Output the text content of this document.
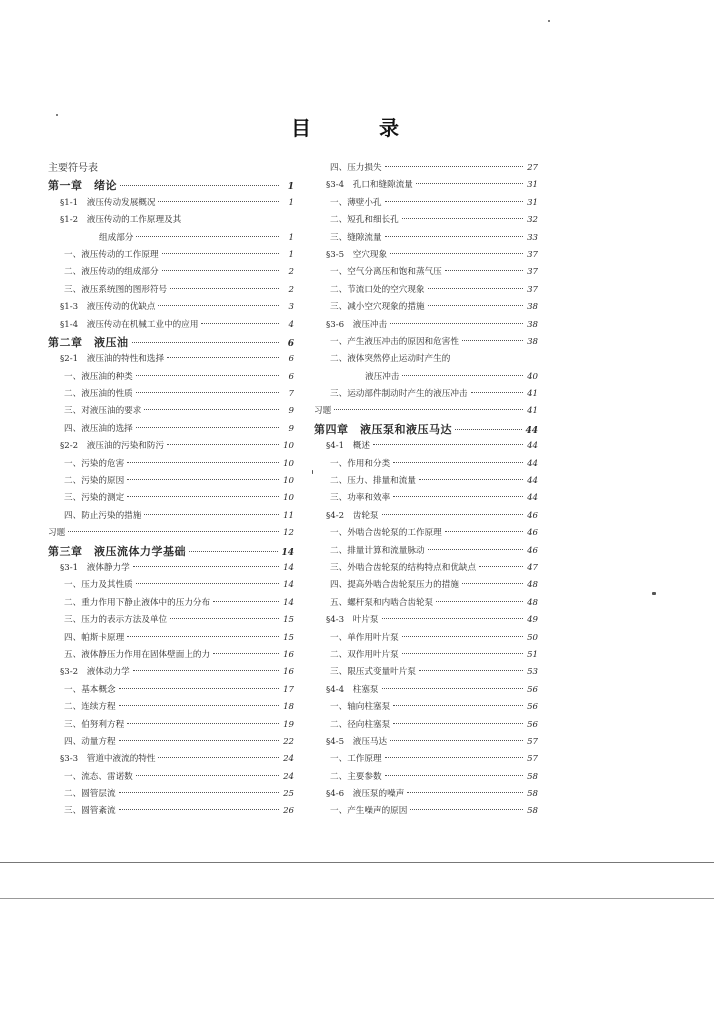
目　录
主要符号表
第一章　绪论	1
§1-1　液压传动发展概况	1
§1-2　液压传动的工作原理及其
组成部分	1
一、液压传动的工作原理	1
二、液压传动的组成部分	2
三、液压系统图的图形符号	2
§1-3　液压传动的优缺点	3
§1-4　液压传动在机械工业中的应用	4
第二章　液压油	6
§2-1　液压油的特性和选择	6
一、液压油的种类	6
二、液压油的性质	7
三、对液压油的要求	9
四、液压油的选择	9
§2-2　液压油的污染和防污	10
一、污染的危害	10
二、污染的原因	10
三、污染的测定	10
四、防止污染的措施	11
习题	12
第三章　液压流体力学基础	14
§3-1　液体静力学	14
一、压力及其性质	14
二、重力作用下静止液体中的压力分布	14
三、压力的表示方法及单位	15
四、帕斯卡原理	15
五、液体静压力作用在固体壁面上的力	16
§3-2　液体动力学	16
一、基本概念	17
二、连续方程	18
三、伯努利方程	19
四、动量方程	22
§3-3　管道中液流的特性	24
一、流态、雷诺数	24
二、圆管层流	25
三、圆管紊流	26
四、压力损失	27
§3-4　孔口和缝隙流量	31
一、薄壁小孔	31
二、短孔和细长孔	32
三、缝隙流量	33
§3-5　空穴现象	37
一、空气分离压和饱和蒸气压	37
二、节流口处的空穴现象	37
三、减小空穴现象的措施	38
§3-6　液压冲击	38
一、产生液压冲击的原因和危害性	38
二、液体突然停止运动时产生的
液压冲击	40
三、运动部件制动时产生的液压冲击	41
习题	41
第四章　液压泵和液压马达	44
§4-1　概述	44
一、作用和分类	44
二、压力、排量和流量	44
三、功率和效率	44
§4-2　齿轮泵	46
一、外啮合齿轮泵的工作原理	46
二、排量计算和流量脉动	46
三、外啮合齿轮泵的结构特点和优缺点	47
四、提高外啮合齿轮泵压力的措施	48
五、螺杆泵和内啮合齿轮泵	48
§4-3　叶片泵	49
一、单作用叶片泵	50
二、双作用叶片泵	51
三、限压式变量叶片泵	53
§4-4　柱塞泵	56
一、轴向柱塞泵	56
二、径向柱塞泵	56
§4-5　液压马达	57
一、工作原理	57
二、主要参数	58
§4-6　液压泵的噪声	58
一、产生噪声的原因	58
